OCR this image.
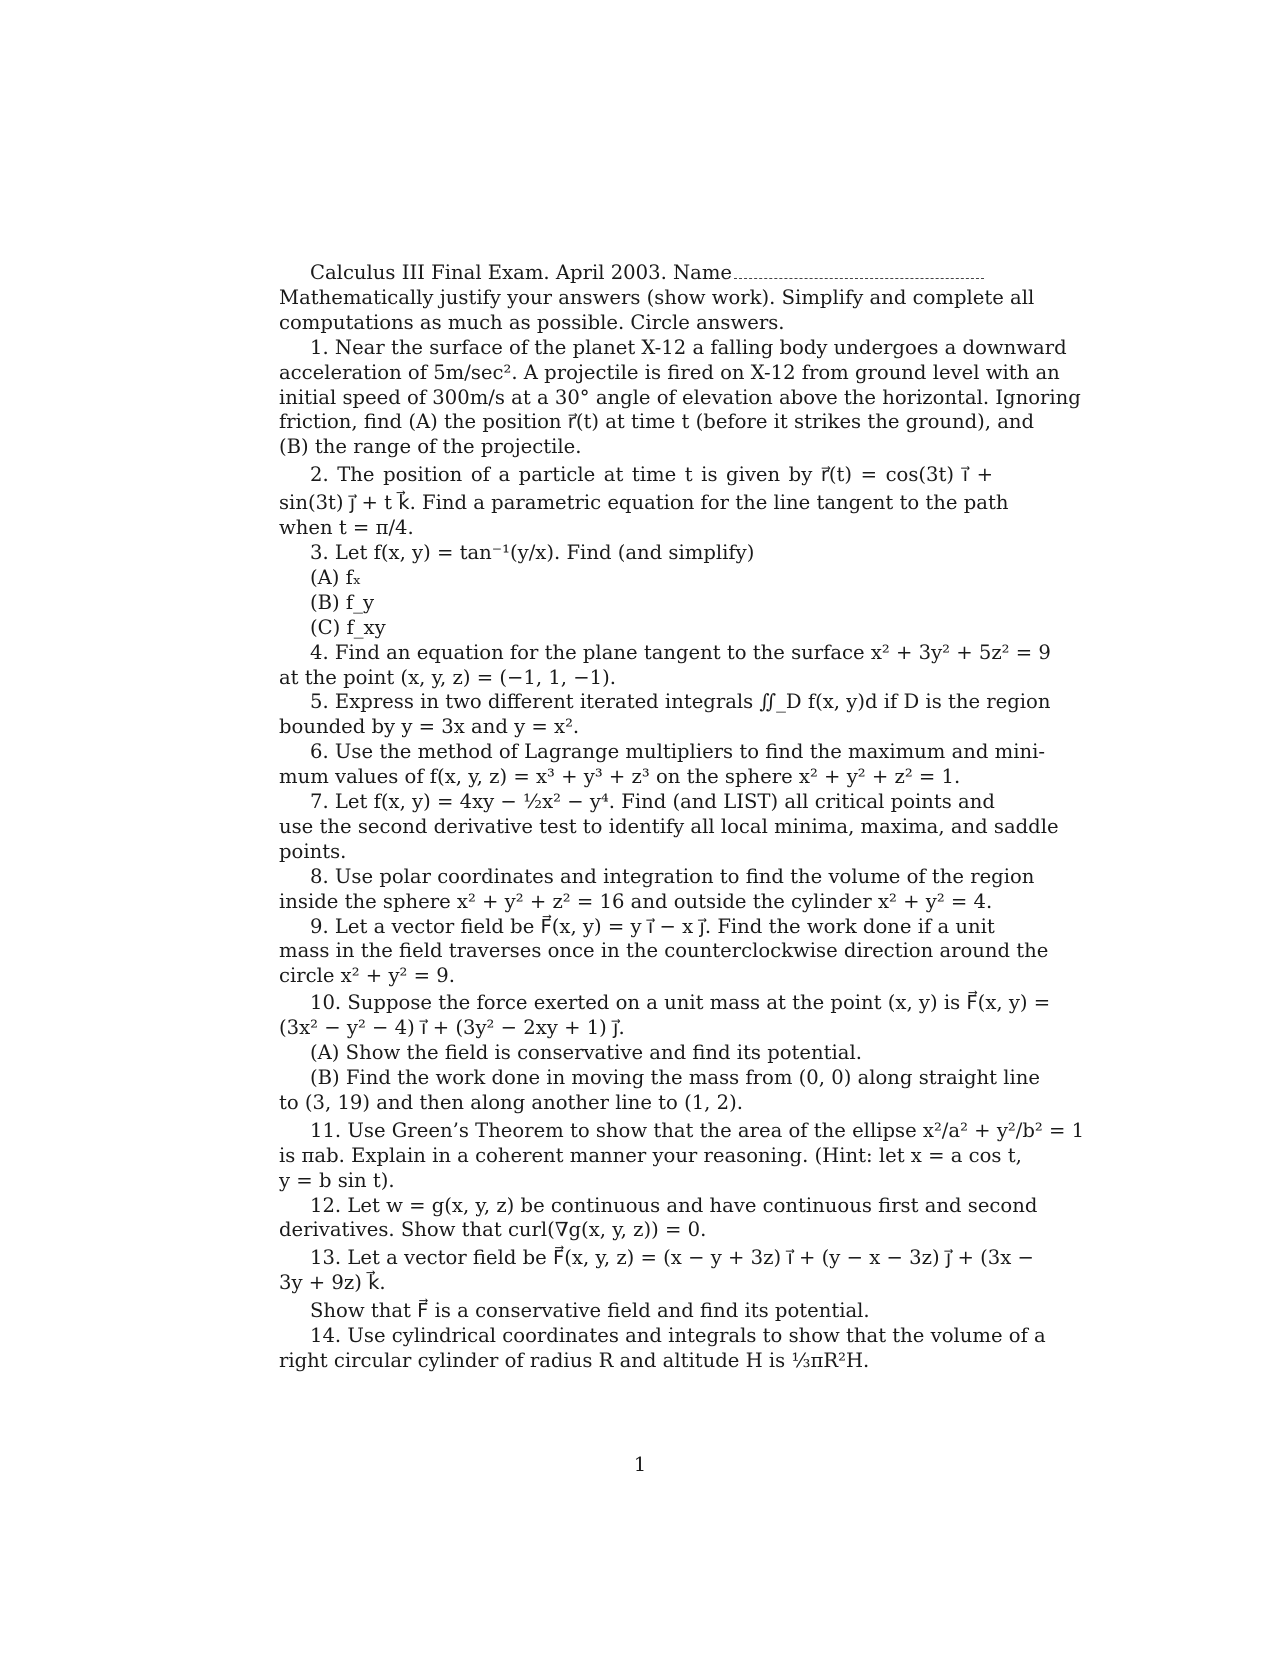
Calculus III Final Exam. April 2003. Name

Mathematically justify your answers (show work). Simplify and complete all

computations as much as possible. Circle answers.

1. Near the surface of the planet X-12 a falling body undergoes a downward

acceleration of 5m/sec². A projectile is fired on X-12 from ground level with an

initial speed of 300m/s at a 30° angle of elevation above the horizontal. Ignoring

friction, find (A) the position r⃗(t) at time t (before it strikes the ground), and

(B) the range of the projectile.

2. The position of a particle at time t is given by r⃗(t) = cos(3t) i⃗ +

sin(3t) j⃗ + t k⃗. Find a parametric equation for the line tangent to the path

when t = π/4.

3. Let f(x, y) = tan⁻¹(y/x). Find (and simplify)

(A) fₓ

(B) f_y

(C) f_xy

4. Find an equation for the plane tangent to the surface x² + 3y² + 5z² = 9

at the point (x, y, z) = (−1, 1, −1).

5. Express in two different iterated integrals ∬_D f(x, y)d if D is the region

bounded by y = 3x and y = x².

6. Use the method of Lagrange multipliers to find the maximum and mini-

mum values of f(x, y, z) = x³ + y³ + z³ on the sphere x² + y² + z² = 1.

7. Let f(x, y) = 4xy − ½x² − y⁴. Find (and LIST) all critical points and

use the second derivative test to identify all local minima, maxima, and saddle

points.

8. Use polar coordinates and integration to find the volume of the region

inside the sphere x² + y² + z² = 16 and outside the cylinder x² + y² = 4.

9. Let a vector field be F⃗(x, y) = y i⃗ − x j⃗. Find the work done if a unit

mass in the field traverses once in the counterclockwise direction around the

circle x² + y² = 9.

10. Suppose the force exerted on a unit mass at the point (x, y) is F⃗(x, y) =

(3x² − y² − 4) i⃗ + (3y² − 2xy + 1) j⃗.

(A) Show the field is conservative and find its potential.

(B) Find the work done in moving the mass from (0, 0) along straight line

to (3, 19) and then along another line to (1, 2).

11. Use Green’s Theorem to show that the area of the ellipse x²/a² + y²/b² = 1

is πab. Explain in a coherent manner your reasoning. (Hint: let x = a cos t,

y = b sin t).

12. Let w = g(x, y, z) be continuous and have continuous first and second

derivatives. Show that curl(∇g(x, y, z)) = 0.

13. Let a vector field be F⃗(x, y, z) = (x − y + 3z) i⃗ + (y − x − 3z) j⃗ + (3x −

3y + 9z) k⃗.

Show that F⃗ is a conservative field and find its potential.

14. Use cylindrical coordinates and integrals to show that the volume of a

right circular cylinder of radius R and altitude H is ⅓πR²H.

1
